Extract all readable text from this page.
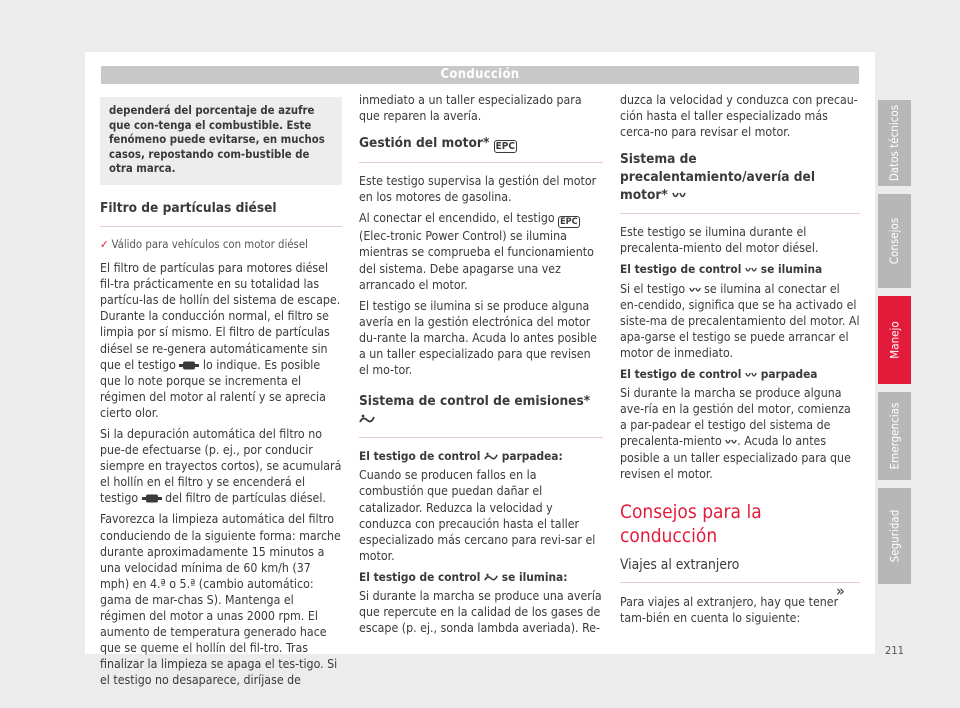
Conducción
dependerá del porcentaje de azufre que con-tenga el combustible. Este fenómeno puede evitarse, en muchos casos, repostando com-bustible de otra marca.
Filtro de partículas diésel
✓ Válido para vehículos con motor diésel

El filtro de partículas para motores diésel fil-tra prácticamente en su totalidad las partícu-las de hollín del sistema de escape. Durante la conducción normal, el filtro se limpia por sí mismo. El filtro de partículas diésel se re-genera automáticamente sin que el testigo lo indique. Es posible que lo note porque se incrementa el régimen del motor al ralentí y se aprecia cierto olor.

Si la depuración automática del filtro no pue-de efectuarse (p. ej., por conducir siempre en trayectos cortos), se acumulará el hollín en el filtro y se encenderá el testigo del filtro de partículas diésel.

Favorezca la limpieza automática del filtro conduciendo de la siguiente forma: marche durante aproximadamente 15 minutos a una velocidad mínima de 60 km/h (37 mph) en 4.ª o 5.ª (cambio automático: gama de mar-chas S). Mantenga el régimen del motor a unas 2000 rpm. El aumento de temperatura generado hace que se queme el hollín del fil-tro. Tras finalizar la limpieza se apaga el tes-tigo. Si el testigo no desaparece, diríjase de

inmediato a un taller especializado para que reparen la avería.

Gestión del motor* EPC

Este testigo supervisa la gestión del motor en los motores de gasolina.

Al conectar el encendido, el testigo EPC (Elec-tronic Power Control) se ilumina mientras se comprueba el funcionamiento del sistema. Debe apagarse una vez arrancado el motor.

El testigo se ilumina si se produce alguna avería en la gestión electrónica del motor du-rante la marcha. Acuda lo antes posible a un taller especializado para que revisen el mo-tor.

Sistema de control de emisiones*
El testigo de control parpadea:

Cuando se producen fallos en la combustión que puedan dañar el catalizador. Reduzca la velocidad y conduzca con precaución hasta el taller especializado más cercano para revi-sar el motor.

El testigo de control se ilumina:

Si durante la marcha se produce una avería que repercute en la calidad de los gases de escape (p. ej., sonda lambda averiada). Re-

duzca la velocidad y conduzca con precau-ción hasta el taller especializado más cerca-no para revisar el motor.

Sistema de precalentamiento/avería del motor*

Este testigo se ilumina durante el precalenta-miento del motor diésel.

El testigo de control se ilumina

Si el testigo se ilumina al conectar el en-cendido, significa que se ha activado el siste-ma de precalentamiento del motor. Al apa-garse el testigo se puede arrancar el motor de inmediato.

El testigo de control parpadea

Si durante la marcha se produce alguna ave-ría en la gestión del motor, comienza a par-padear el testigo del sistema de precalenta-miento . Acuda lo antes posible a un taller especializado para que revisen el motor.

Consejos para la conducción
Viajes al extranjero

Para viajes al extranjero, hay que tener tam-bién en cuenta lo siguiente:

»
Datos técnicos
Consejos
Manejo
Emergencias
Seguridad
211
